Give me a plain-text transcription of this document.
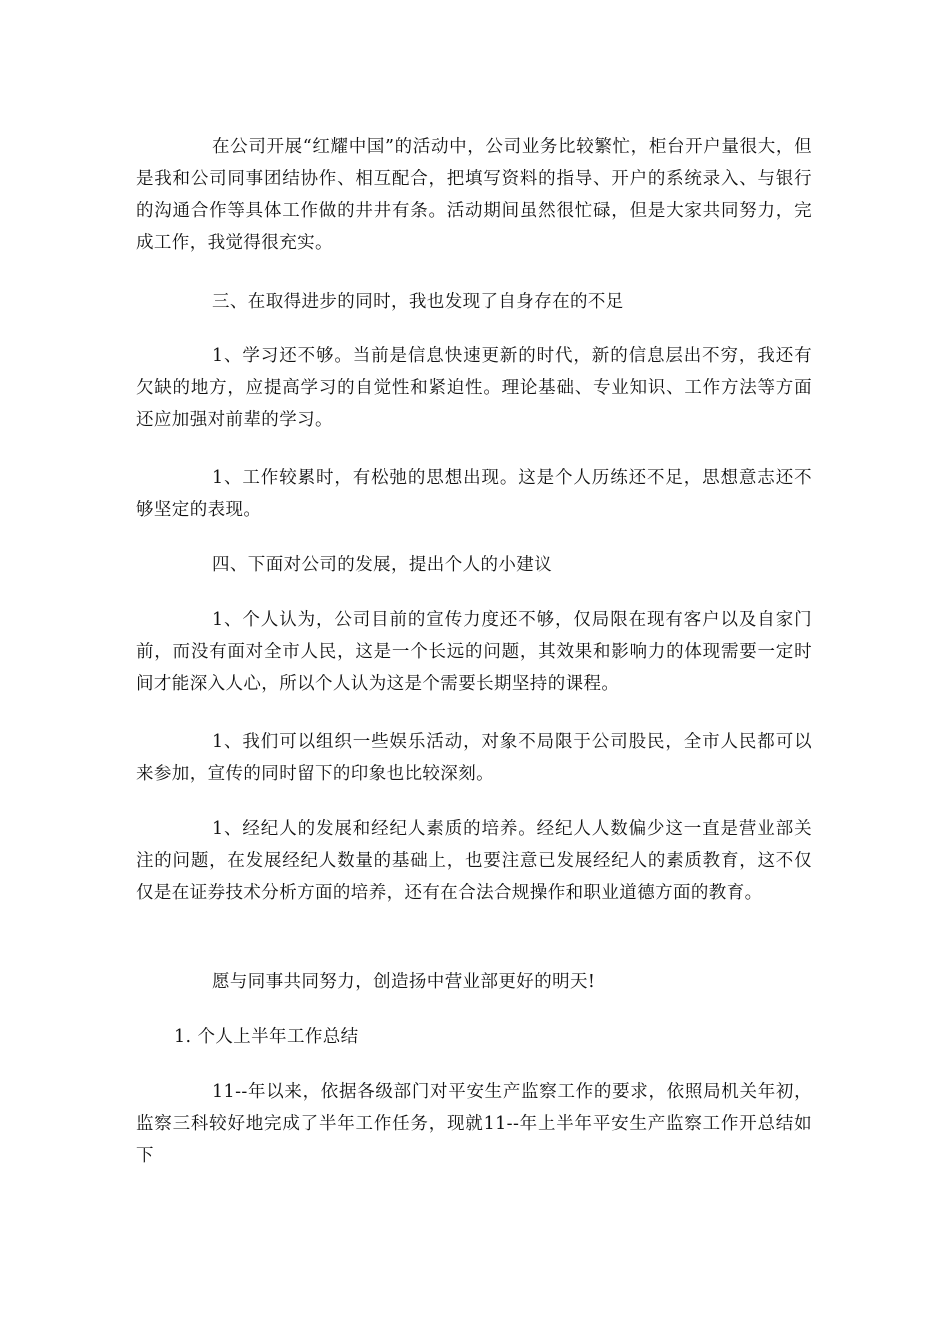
在公司开展“红耀中国”的活动中，公司业务比较繁忙，柜台开户量很大，但是我和公司同事团结协作、相互配合，把填写资料的指导、开户的系统录入、与银行的沟通合作等具体工作做的井井有条。活动期间虽然很忙碌，但是大家共同努力，完成工作，我觉得很充实。

三、在取得进步的同时，我也发现了自身存在的不足

1、学习还不够。当前是信息快速更新的时代，新的信息层出不穷，我还有欠缺的地方，应提高学习的自觉性和紧迫性。理论基础、专业知识、工作方法等方面还应加强对前辈的学习。

1、工作较累时，有松弛的思想出现。这是个人历练还不足，思想意志还不够坚定的表现。

四、下面对公司的发展，提出个人的小建议

1、个人认为，公司目前的宣传力度还不够，仅局限在现有客户以及自家门前，而没有面对全市人民，这是一个长远的问题，其效果和影响力的体现需要一定时间才能深入人心，所以个人认为这是个需要长期坚持的课程。

1、我们可以组织一些娱乐活动，对象不局限于公司股民，全市人民都可以来参加，宣传的同时留下的印象也比较深刻。

1、经纪人的发展和经纪人素质的培养。经纪人人数偏少这一直是营业部关注的问题，在发展经纪人数量的基础上，也要注意已发展经纪人的素质教育，这不仅仅是在证券技术分析方面的培养，还有在合法合规操作和职业道德方面的教育。

愿与同事共同努力，创造扬中营业部更好的明天!

1. 个人上半年工作总结

11--年以来，依据各级部门对平安生产监察工作的要求，依照局机关年初，监察三科较好地完成了半年工作任务，现就11--年上半年平安生产监察工作开总结如下
